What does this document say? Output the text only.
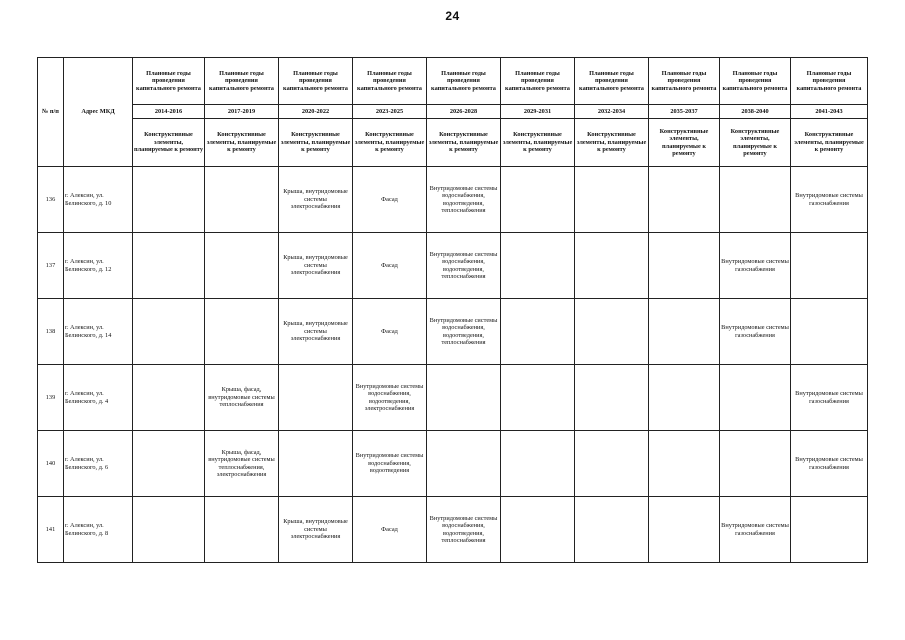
24
№ п/п	Адрес МКД	Плановые годы проведения капитального ремонта	Плановые годы проведения капитального ремонта	Плановые годы проведения капитального ремонта	Плановые годы проведения капитального ремонта	Плановые годы проведения капитального ремонта	Плановые годы проведения капитального ремонта	Плановые годы проведения капитального ремонта	Плановые годы проведения капитального ремонта	Плановые годы проведения капитального ремонта	Плановые годы проведения капитального ремонта
		2014-2016	2017-2019	2020-2022	2023-2025	2026-2028	2029-2031	2032-2034	2035-2037	2038-2040	2041-2043
		Конструктивные элементы, планируемые к ремонту	Конструктивные элементы, планируемые к ремонту	Конструктивные элементы, планируемые к ремонту	Конструктивные элементы, планируемые к ремонту	Конструктивные элементы, планируемые к ремонту	Конструктивные элементы, планируемые к ремонту	Конструктивные элементы, планируемые к ремонту	Конструктивные элементы, планируемые к ремонту	Конструктивные элементы, планируемые к ремонту	Конструктивные элементы, планируемые к ремонту
136	г. Алексин, ул. Белинского, д. 10			Крыша, внутридомовые системы электроснабжения	Фасад	Внутридомовые системы водоснабжения, водоотведения, теплоснабжения					Внутридомовые системы газоснабжения
137	г. Алексин, ул. Белинского, д. 12			Крыша, внутридомовые системы электроснабжения	Фасад	Внутридомовые системы водоснабжения, водоотведения, теплоснабжения				Внутридомовые системы газоснабжения	
138	г. Алексин, ул. Белинского, д. 14			Крыша, внутридомовые системы электроснабжения	Фасад	Внутридомовые системы водоснабжения, водоотведения, теплоснабжения				Внутридомовые системы газоснабжения	
139	г. Алексин, ул. Белинского, д. 4		Крыша, фасад, внутридомовые системы теплоснабжения		Внутридомовые системы водоснабжения, водоотведения, электроснабжения						Внутридомовые системы газоснабжения
140	г. Алексин, ул. Белинского, д. 6		Крыша, фасад, внутридомовые системы теплоснабжения, электроснабжения		Внутридомовые системы водоснабжения, водоотведения						Внутридомовые системы газоснабжения
141	г. Алексин, ул. Белинского, д. 8			Крыша, внутридомовые системы электроснабжения	Фасад	Внутридомовые системы водоснабжения, водоотведения, теплоснабжения				Внутридомовые системы газоснабжения	
